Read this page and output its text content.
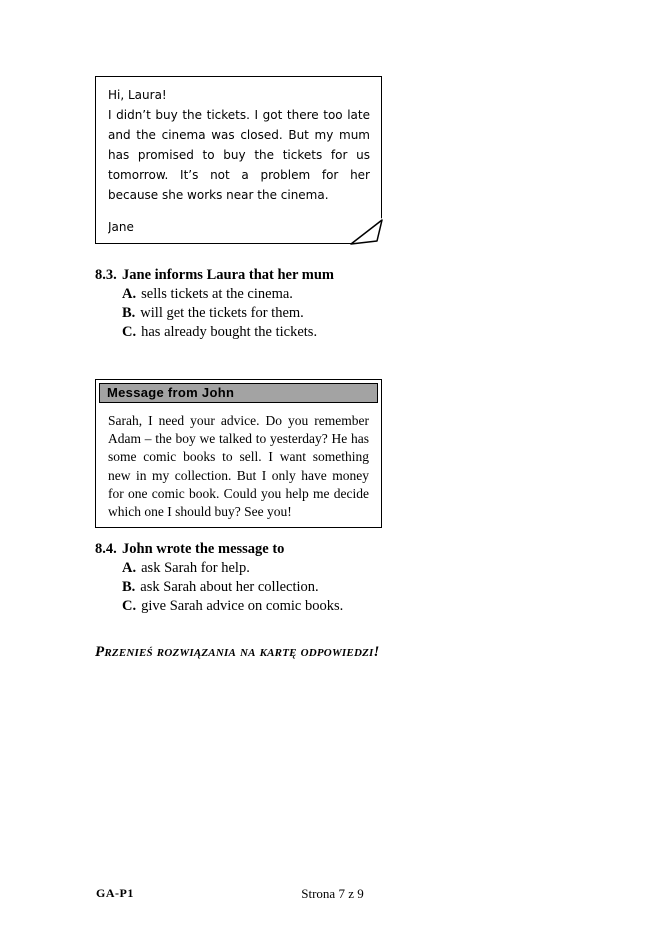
Hi, Laura!
I didn’t buy the tickets. I got there too late and the cinema was closed. But my mum has promised to buy the tickets for us tomorrow. It’s not a problem for her because she works near the cinema.
Jane
8.3. Jane informs Laura that her mum
A. sells tickets at the cinema.
B. will get the tickets for them.
C. has already bought the tickets.
Message from John
Sarah, I need your advice. Do you remember Adam – the boy we talked to yesterday? He has some comic books to sell. I want something new in my collection. But I only have money for one comic book. Could you help me decide which one I should buy? See you!
8.4. John wrote the message to
A. ask Sarah for help.
B. ask Sarah about her collection.
C. give Sarah advice on comic books.
Przenieś rozwiązania na kartę odpowiedzi!
GA-P1	Strona 7 z 9
